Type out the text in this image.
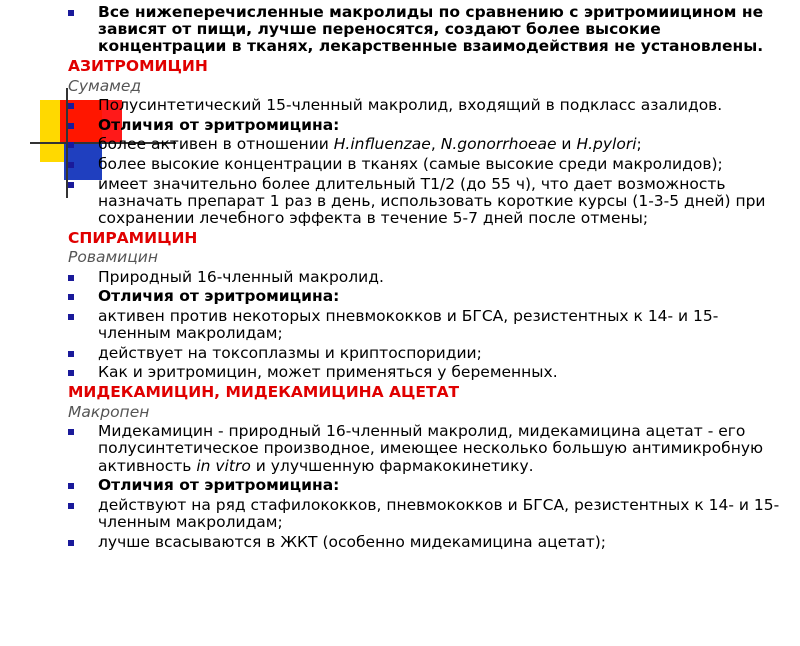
Все нижеперечисленные макролиды по сравнению с эритромиицином не зависят от пищи, лучше переносятся, создают более высокие концентрации в тканях, лекарственные взаимодействия не установлены.
АЗИТРОМИЦИН
Сумамед
Полусинтетический 15-членный макролид, входящий в подкласс азалидов.
Отличия от эритромицина:
более активен в отношении H.influenzae, N.gonorrhoeae и H.pylori;
более высокие концентрации в тканях (самые высокие среди макролидов);
имеет значительно более длительный Т1/2 (до 55 ч), что дает возможность назначать препарат 1 раз в день, использовать короткие курсы (1-3-5 дней) при сохранении лечебного эффекта в течение 5-7 дней после отмены;
СПИРАМИЦИН
Ровамицин
Природный 16-членный макролид.
Отличия от эритромицина:
активен против некоторых пневмококков и БГСА, резистентных к 14- и 15-членным макролидам;
действует на токсоплазмы и криптоспоридии;
Как и эритромицин, может применяться у беременных.
МИДЕКАМИЦИН, МИДЕКАМИЦИНА АЦЕТАТ
Макропен
Мидекамицин - природный 16-членный макролид, мидекамицина ацетат - его полусинтетическое производное, имеющее несколько большую антимикробную активность in vitro и улучшенную фармакокинетику.
Отличия от эритромицина:
действуют на ряд стафилококков, пневмококков и БГСА, резистентных к 14- и 15-членным макролидам;
лучше всасываются в ЖКТ (особенно мидекамицина ацетат);
